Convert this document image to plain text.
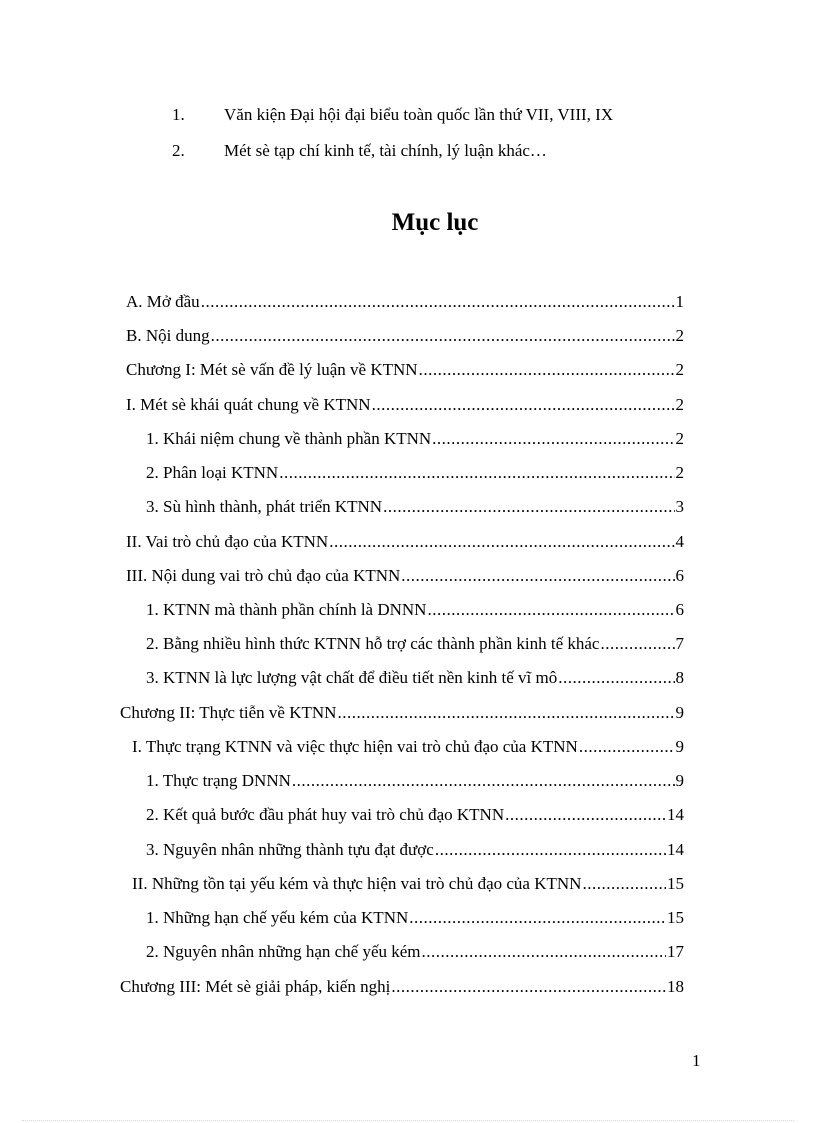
1. Văn kiện Đại hội đại biểu toàn quốc lần thứ VII, VIII, IX
2. Mét sè tạp chí kinh tế, tài chính, lý luận khác…
Mục lục
A. Mở đầu .....	1
B. Nội dung .....	2
Chương I: Mét sè vấn đề lý luận về KTNN .....	2
I. Mét sè khái quát chung về KTNN .....	2
1. Khái niệm chung về thành phần KTNN .....	2
2. Phân loại KTNN .....	2
3. Sù hình thành, phát triển KTNN .....	3
II. Vai trò chủ đạo của KTNN .....	4
III. Nội dung vai trò chủ đạo của KTNN .....	6
1. KTNN mà thành phần chính là DNNN .....	6
2. Bằng nhiều hình thức KTNN hỗ trợ các thành phần kinh tế khác .....	7
3. KTNN là lực lượng vật chất để điều tiết nền kinh tế vĩ mô .....	8
Chương II: Thực tiễn về KTNN .....	9
I. Thực trạng KTNN và việc thực hiện vai trò chủ đạo của KTNN .....	9
1. Thực trạng DNNN .....	9
2. Kết quả bước đầu phát huy vai trò chủ đạo KTNN .....	14
3. Nguyên nhân những thành tựu đạt được .....	14
II. Những tồn tại yếu kém và thực hiện vai trò chủ đạo của KTNN .....	15
1. Những hạn chế yếu kém của KTNN .....	15
2. Nguyên nhân những hạn chế yếu kém .....	17
Chương III: Mét sè giải pháp, kiến nghị .....	18
1
